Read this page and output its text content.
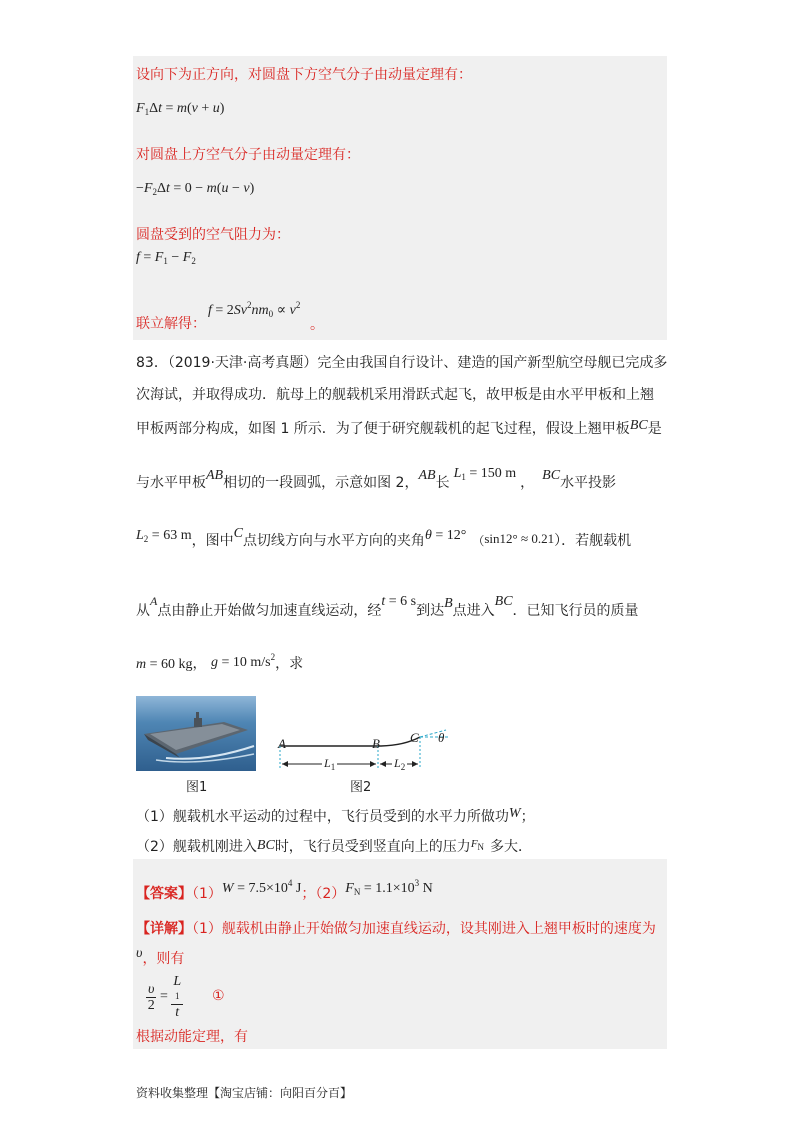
设向下为正方向，对圆盘下方空气分子由动量定理有：
$F_1\Delta t = m(v + u)$
对圆盘上方空气分子由动量定理有：
$-F_2\Delta t = 0 - m(u - v)$
圆盘受到的空气阻力为：
$f = F_1 - F_2$
联立解得：
$f = 2Sv^2nm_0 \propto v^2$
。
83．（2019·天津·高考真题）完全由我国自行设计、建造的国产新型航空母舰已完成多
次海试，并取得成功．航母上的舰载机采用滑跃式起飞，故甲板是由水平甲板和上翘
甲板两部分构成，如图 1 所示．为了便于研究舰载机的起飞过程，假设上翘甲板BC是
与水平甲板AB相切的一段圆弧，示意如图 2，AB长$L_1 = 150$ m， BC水平投影
$L_2 = 63$ m，图中C点切线方向与水平方向的夹角θ = 12° （sin12° ≈ 0.21）．若舰载机
从A点由静止开始做匀加速直线运动，经t = 6 s到达B点进入BC．已知飞行员的质量
m = 60 kg， g = 10 $m/s^2$，求
图1
A	B C θ
$L_1$	$L_2$
图2
（1）舰载机水平运动的过程中，飞行员受到的水平力所做功W；
（2）舰载机刚进入BC时，飞行员受到竖直向上的压力$^{F_N}$ 多大．
【答案】$(1)W = 7.5\times 10^4$ J；$(2)F_N = 1.1\times 10^3$ N
【详解】（1）舰载机由静止开始做匀加速直线运动，设其刚进入上翘甲板时的速度为
υ，则有
$\frac{\upsilon}{2} = L$
1
t ①
根据动能定理，有
资料收集整理【淘宝店铺：向阳百分百】
